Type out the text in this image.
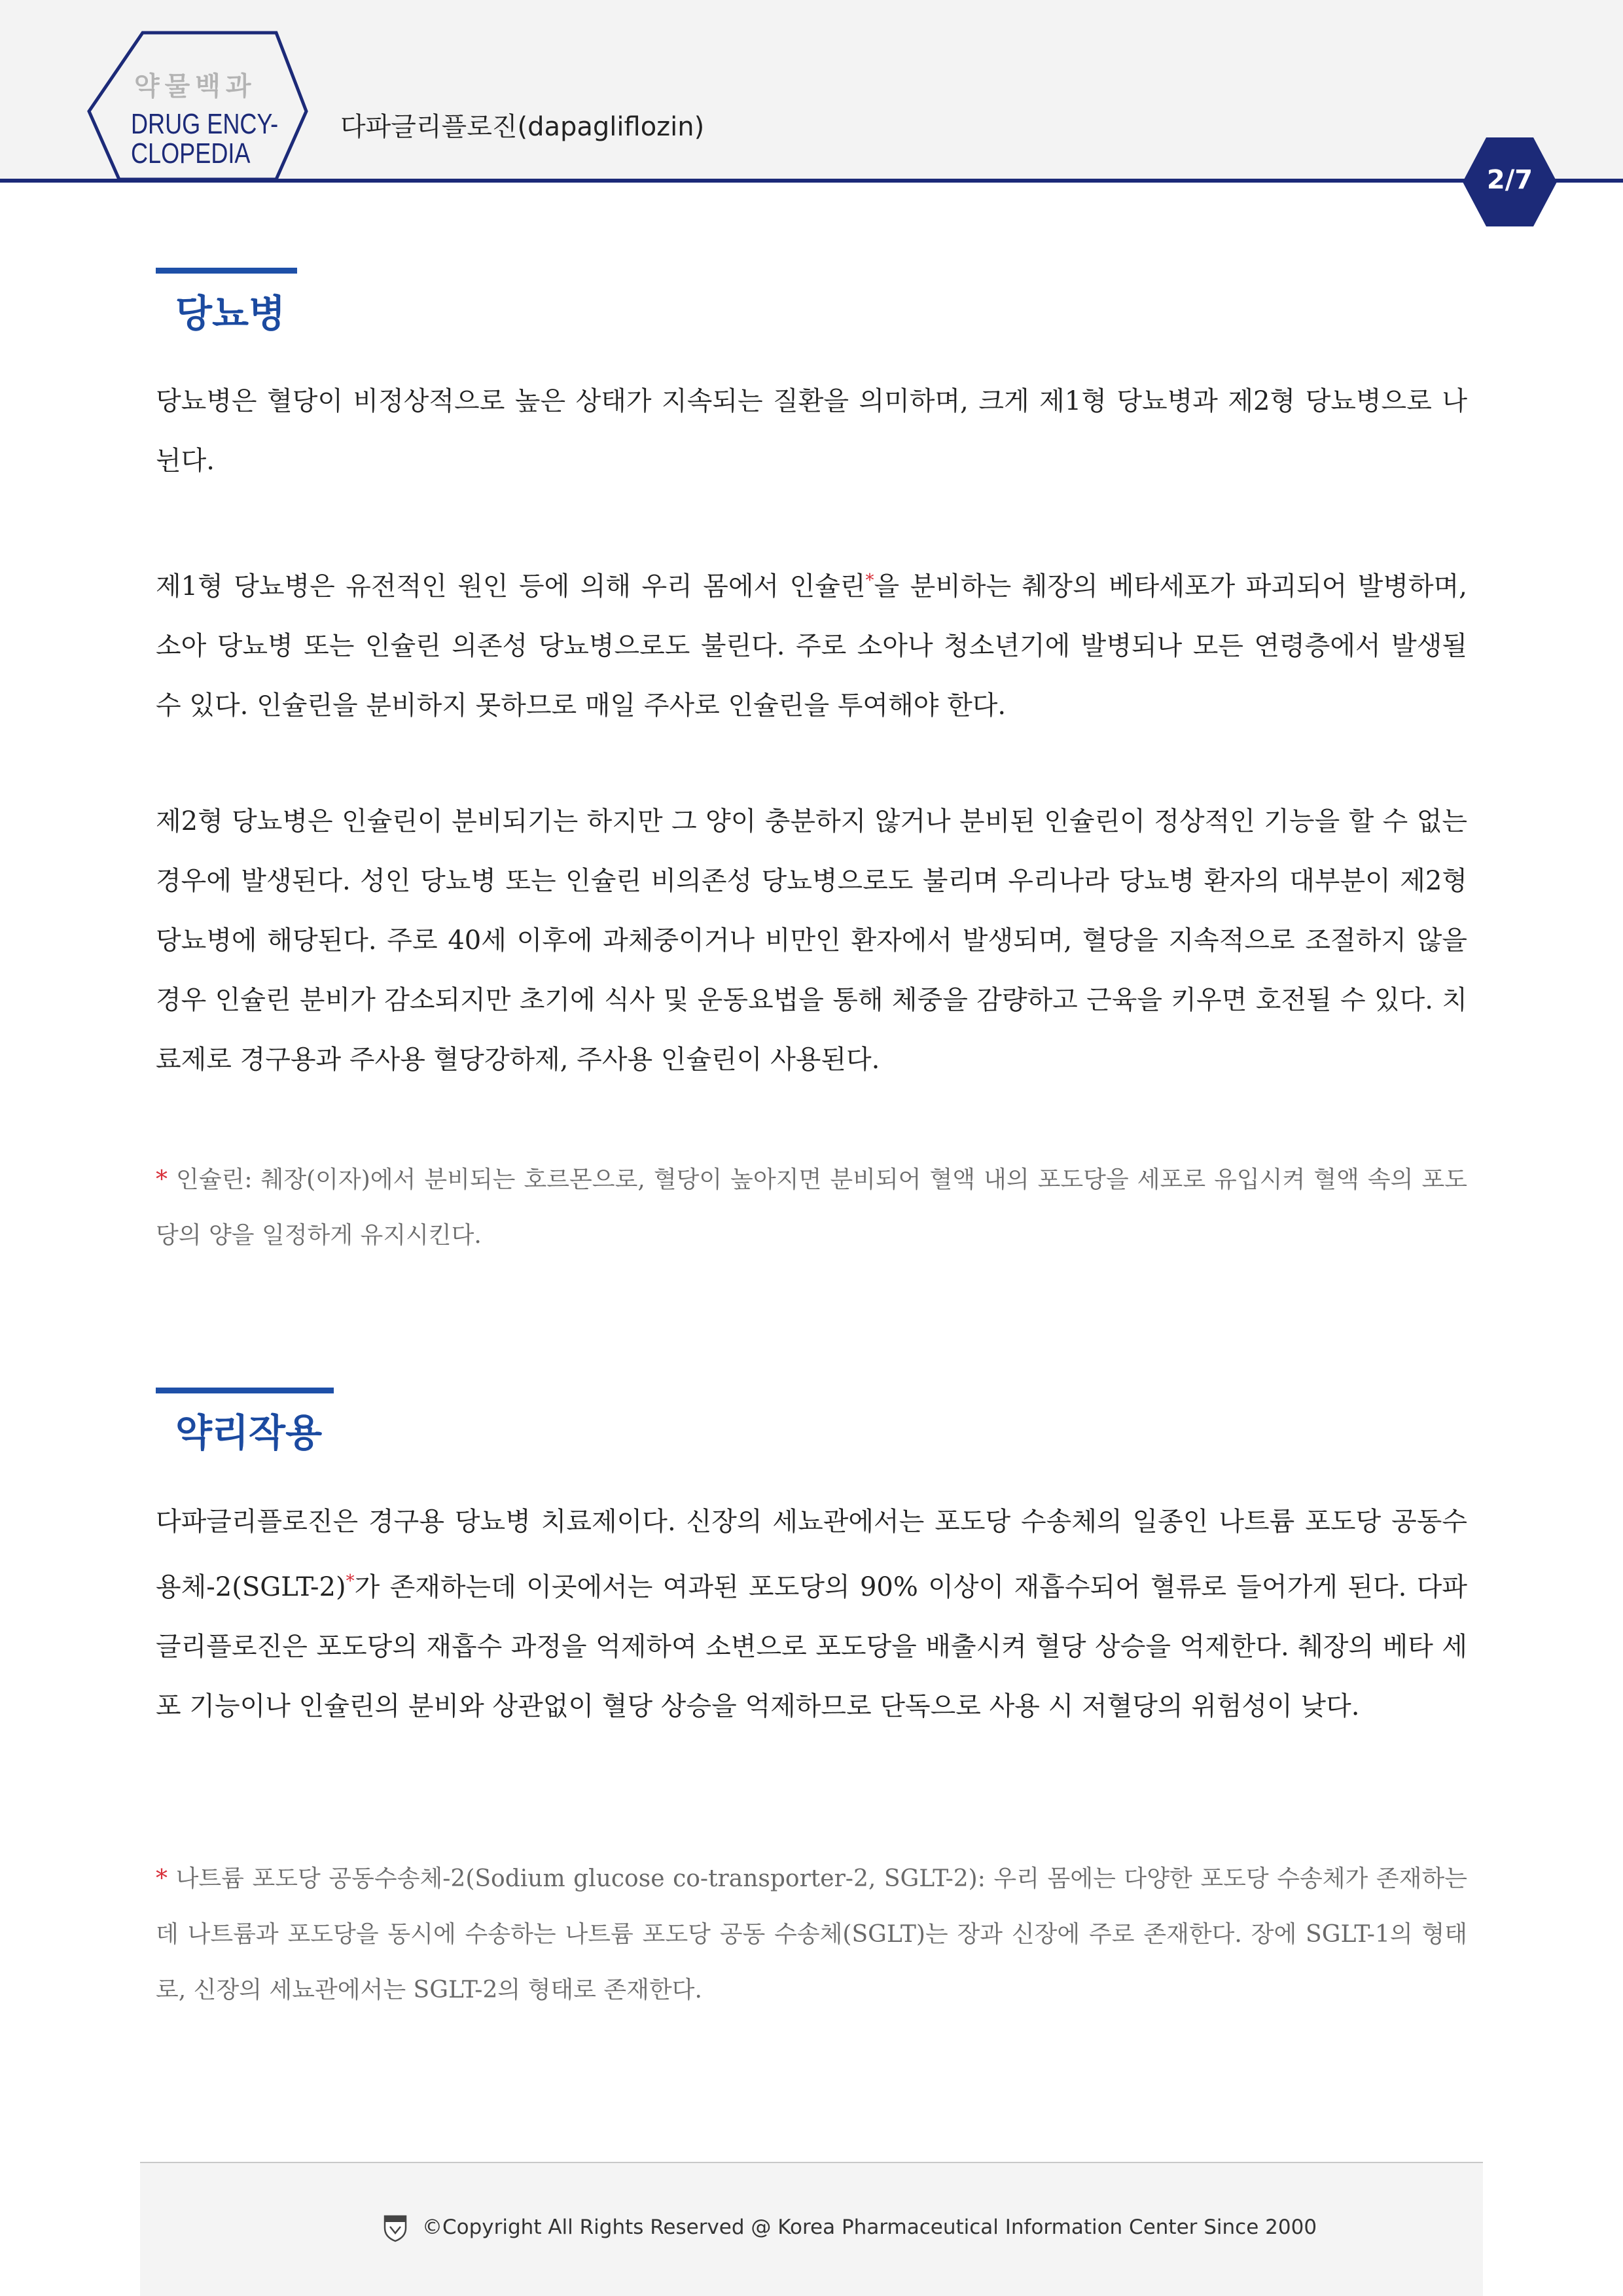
약물백과
DRUG ENCY-
CLOPEDIA
다파글리플로진(dapagliflozin)
2/7
당뇨병

당뇨병은 혈당이 비정상적으로 높은 상태가 지속되는 질환을 의미하며, 크게 제1형 당뇨병과 제2형 당뇨병으로 나뉜다.

제1형 당뇨병은 유전적인 원인 등에 의해 우리 몸에서 인슐린*을 분비하는 췌장의 베타세포가 파괴되어 발병하며, 소아 당뇨병 또는 인슐린 의존성 당뇨병으로도 불린다. 주로 소아나 청소년기에 발병되나 모든 연령층에서 발생될 수 있다. 인슐린을 분비하지 못하므로 매일 주사로 인슐린을 투여해야 한다.

제2형 당뇨병은 인슐린이 분비되기는 하지만 그 양이 충분하지 않거나 분비된 인슐린이 정상적인 기능을 할 수 없는 경우에 발생된다. 성인 당뇨병 또는 인슐린 비의존성 당뇨병으로도 불리며 우리나라 당뇨병 환자의 대부분이 제2형 당뇨병에 해당된다. 주로 40세 이후에 과체중이거나 비만인 환자에서 발생되며, 혈당을 지속적으로 조절하지 않을 경우 인슐린 분비가 감소되지만 초기에 식사 및 운동요법을 통해 체중을 감량하고 근육을 키우면 호전될 수 있다. 치료제로 경구용과 주사용 혈당강하제, 주사용 인슐린이 사용된다.

* 인슐린: 췌장(이자)에서 분비되는 호르몬으로, 혈당이 높아지면 분비되어 혈액 내의 포도당을 세포로 유입시켜 혈액 속의 포도당의 양을 일정하게 유지시킨다.

약리작용

다파글리플로진은 경구용 당뇨병 치료제이다. 신장의 세뇨관에서는 포도당 수송체의 일종인 나트륨 포도당 공동수용체-2(SGLT-2)*가 존재하는데 이곳에서는 여과된 포도당의 90% 이상이 재흡수되어 혈류로 들어가게 된다. 다파글리플로진은 포도당의 재흡수 과정을 억제하여 소변으로 포도당을 배출시켜 혈당 상승을 억제한다. 췌장의 베타 세포 기능이나 인슐린의 분비와 상관없이 혈당 상승을 억제하므로 단독으로 사용 시 저혈당의 위험성이 낮다.

* 나트륨 포도당 공동수송체-2(Sodium glucose co-transporter-2, SGLT-2): 우리 몸에는 다양한 포도당 수송체가 존재하는데 나트륨과 포도당을 동시에 수송하는 나트륨 포도당 공동 수송체(SGLT)는 장과 신장에 주로 존재한다. 장에 SGLT-1의 형태로, 신장의 세뇨관에서는 SGLT-2의 형태로 존재한다.

©Copyright All Rights Reserved @ Korea Pharmaceutical Information Center Since 2000
